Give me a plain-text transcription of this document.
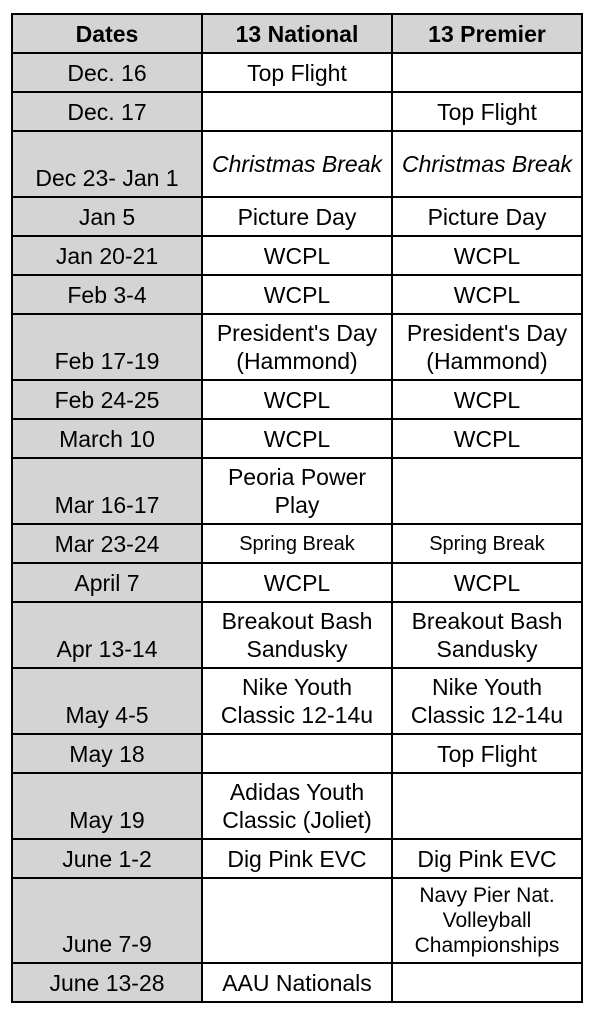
Dates	13 National	13 Premier
Dec. 16	Top Flight	
Dec. 17		Top Flight
Dec 23- Jan 1	Christmas Break	Christmas Break
Jan 5	Picture Day	Picture Day
Jan 20-21	WCPL	WCPL
Feb 3-4	WCPL	WCPL
Feb 17-19	President's Day (Hammond)	President's Day (Hammond)
Feb 24-25	WCPL	WCPL
March 10	WCPL	WCPL
Mar 16-17	Peoria Power Play	
Mar 23-24	Spring Break	Spring Break
April 7	WCPL	WCPL
Apr 13-14	Breakout Bash Sandusky	Breakout Bash Sandusky
May 4-5	Nike Youth Classic 12-14u	Nike Youth Classic 12-14u
May 18		Top Flight
May 19	Adidas Youth Classic (Joliet)	
June 1-2	Dig Pink EVC	Dig Pink EVC
June 7-9		Navy Pier Nat. Volleyball Championships
June 13-28	AAU Nationals	
